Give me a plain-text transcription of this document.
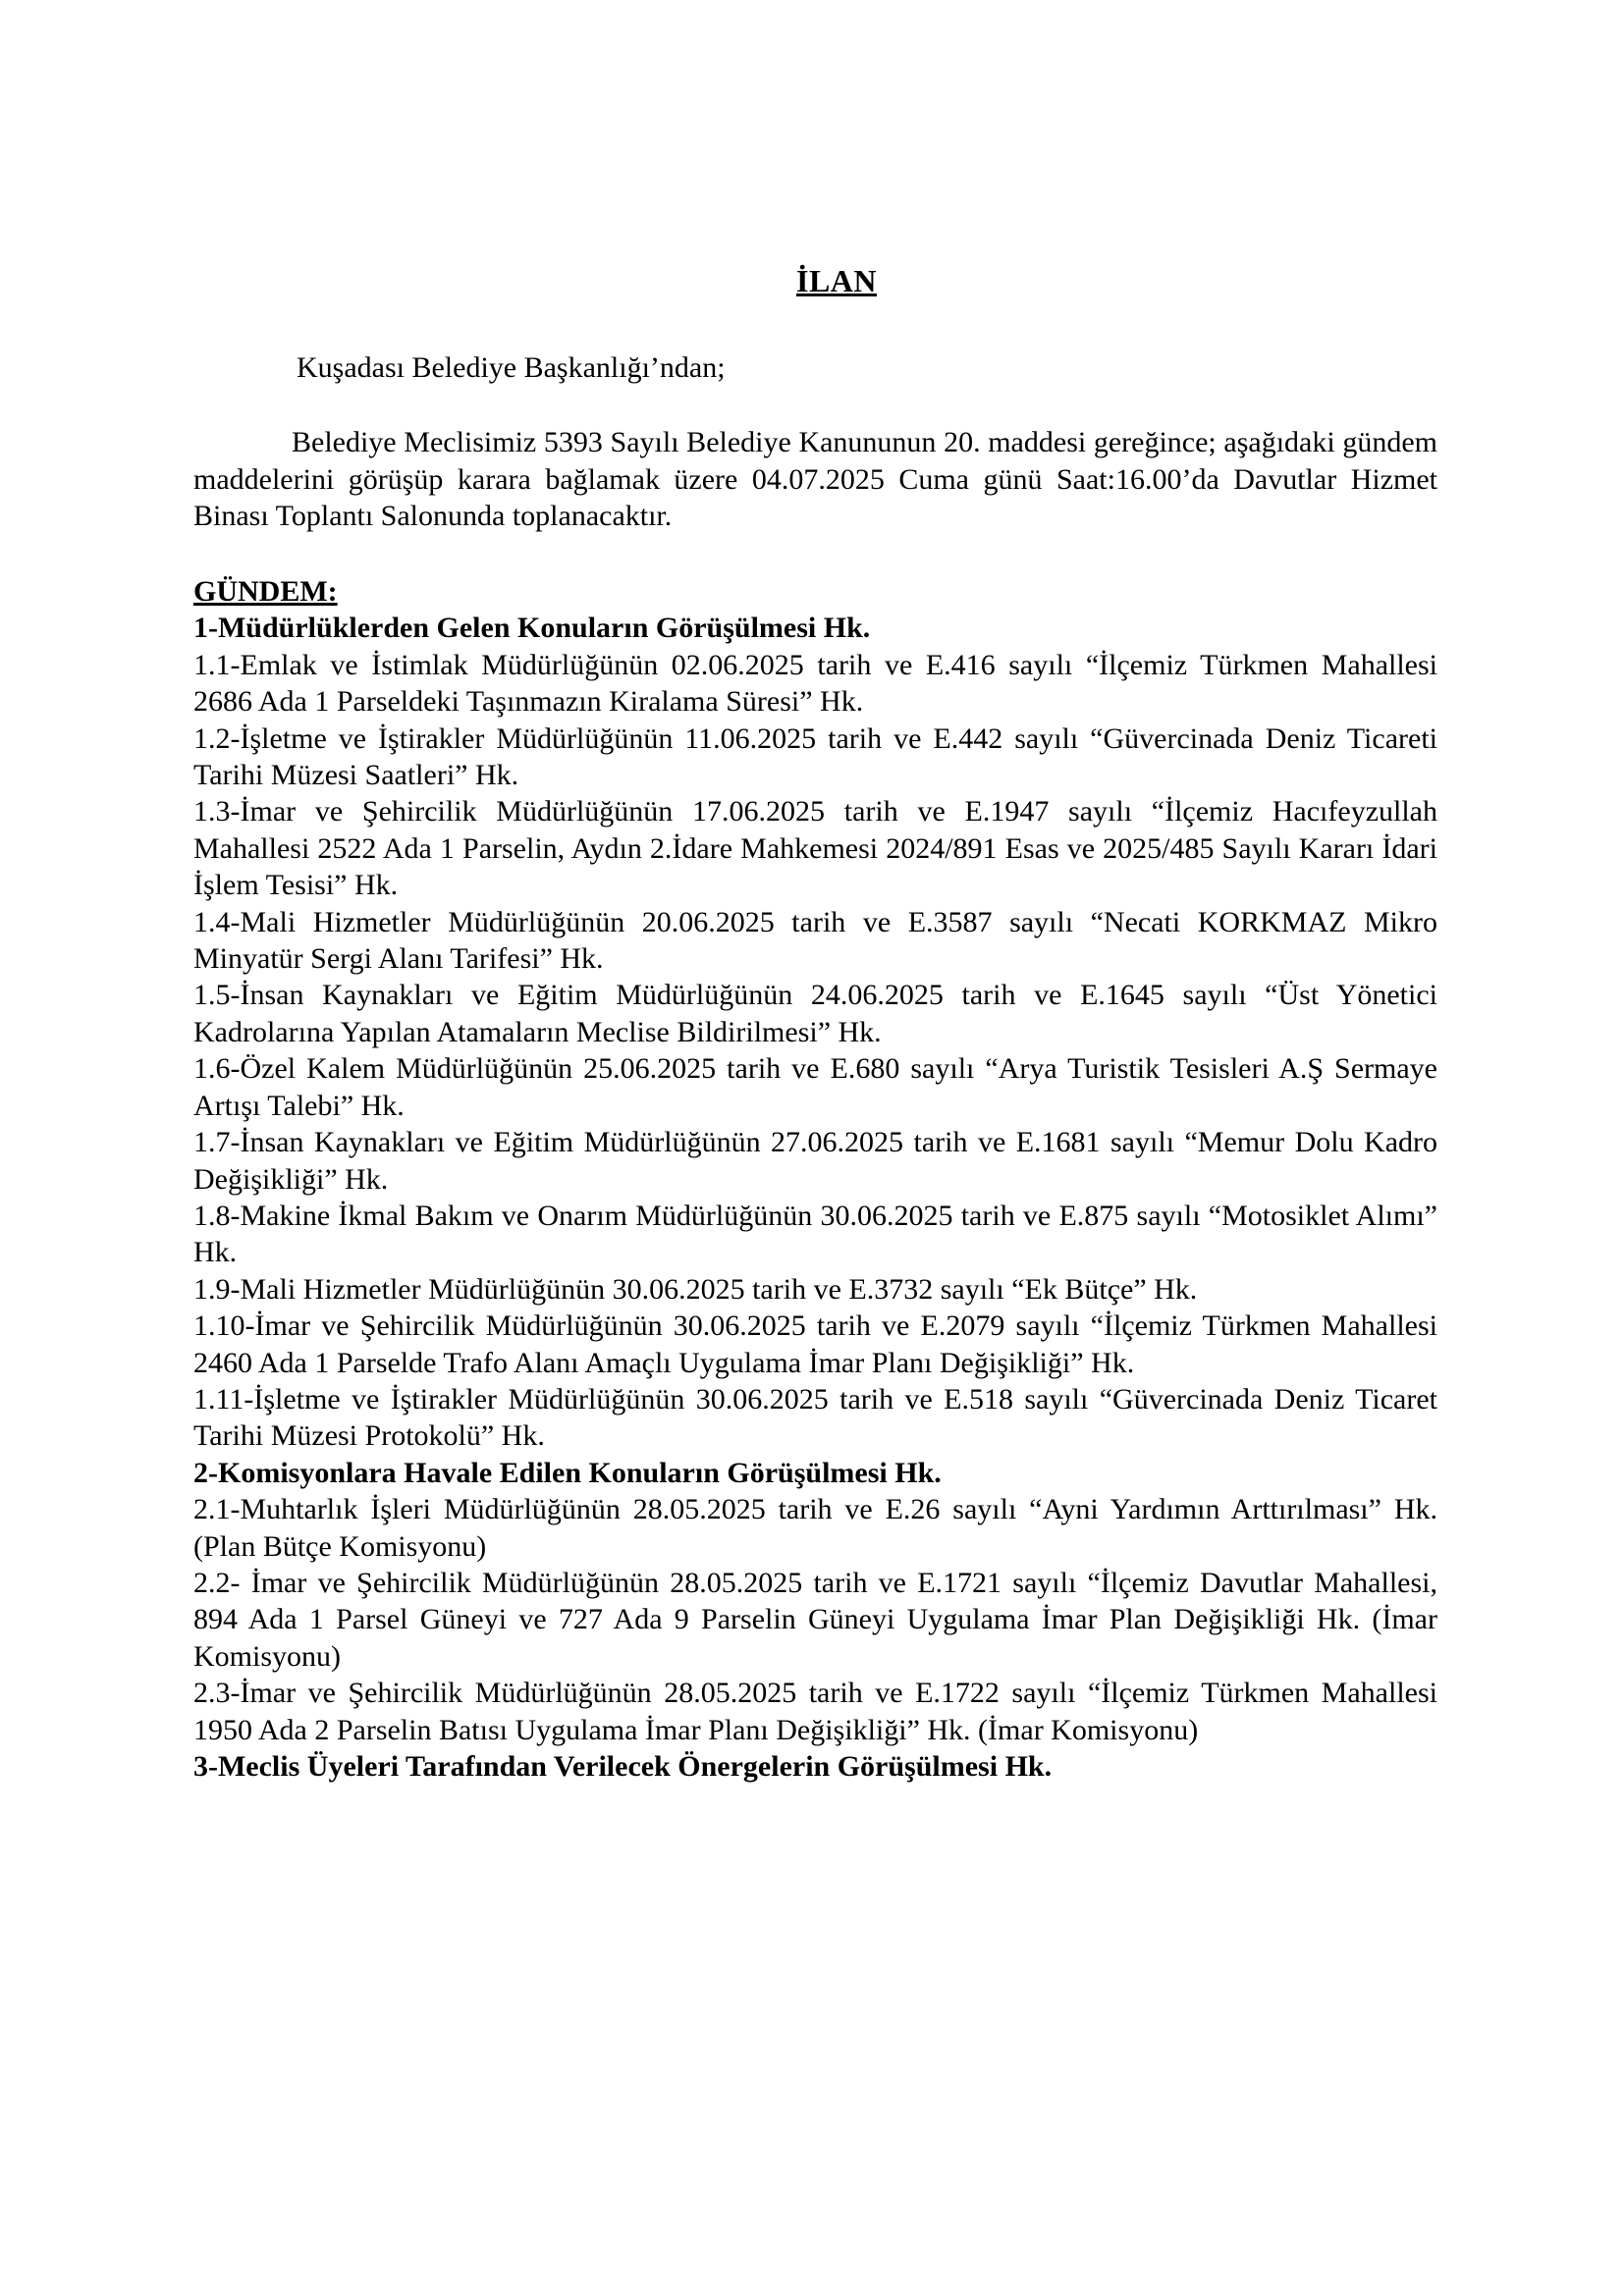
İLAN
Kuşadası Belediye Başkanlığı’ndan;
Belediye Meclisimiz 5393 Sayılı Belediye Kanununun 20. maddesi gereğince; aşağıdaki gündem maddelerini görüşüp karara bağlamak üzere 04.07.2025 Cuma günü Saat:16.00’da Davutlar Hizmet Binası Toplantı Salonunda toplanacaktır.
GÜNDEM:
1-Müdürlüklerden Gelen Konuların Görüşülmesi Hk.
1.1-Emlak ve İstimlak Müdürlüğünün 02.06.2025 tarih ve E.416 sayılı “İlçemiz Türkmen Mahallesi 2686 Ada 1 Parseldeki Taşınmazın Kiralama Süresi” Hk.
1.2-İşletme ve İştirakler Müdürlüğünün 11.06.2025 tarih ve E.442 sayılı “Güvercinada Deniz Ticareti Tarihi Müzesi Saatleri” Hk.
1.3-İmar ve Şehircilik Müdürlüğünün 17.06.2025 tarih ve E.1947 sayılı “İlçemiz Hacıfeyzullah Mahallesi 2522 Ada 1 Parselin, Aydın 2.İdare Mahkemesi 2024/891 Esas ve 2025/485 Sayılı Kararı İdari İşlem Tesisi” Hk.
1.4-Mali Hizmetler Müdürlüğünün 20.06.2025 tarih ve E.3587 sayılı “Necati KORKMAZ Mikro Minyatür Sergi Alanı Tarifesi” Hk.
1.5-İnsan Kaynakları ve Eğitim Müdürlüğünün 24.06.2025 tarih ve E.1645 sayılı “Üst Yönetici Kadrolarına Yapılan Atamaların Meclise Bildirilmesi” Hk.
1.6-Özel Kalem Müdürlüğünün 25.06.2025 tarih ve E.680 sayılı “Arya Turistik Tesisleri A.Ş Sermaye Artışı Talebi” Hk.
1.7-İnsan Kaynakları ve Eğitim Müdürlüğünün 27.06.2025 tarih ve E.1681 sayılı “Memur Dolu Kadro Değişikliği” Hk.
1.8-Makine İkmal Bakım ve Onarım Müdürlüğünün 30.06.2025 tarih ve E.875 sayılı “Motosiklet Alımı” Hk.
1.9-Mali Hizmetler Müdürlüğünün 30.06.2025 tarih ve E.3732 sayılı “Ek Bütçe” Hk.
1.10-İmar ve Şehircilik Müdürlüğünün 30.06.2025 tarih ve E.2079 sayılı “İlçemiz Türkmen Mahallesi 2460 Ada 1 Parselde Trafo Alanı Amaçlı Uygulama İmar Planı Değişikliği” Hk.
1.11-İşletme ve İştirakler Müdürlüğünün 30.06.2025 tarih ve E.518 sayılı “Güvercinada Deniz Ticaret Tarihi Müzesi Protokolü” Hk.
2-Komisyonlara Havale Edilen Konuların Görüşülmesi Hk.
2.1-Muhtarlık İşleri Müdürlüğünün 28.05.2025 tarih ve E.26 sayılı “Ayni Yardımın Arttırılması” Hk. (Plan Bütçe Komisyonu)
2.2- İmar ve Şehircilik Müdürlüğünün 28.05.2025 tarih ve E.1721 sayılı “İlçemiz Davutlar Mahallesi, 894 Ada 1 Parsel Güneyi ve 727 Ada 9 Parselin Güneyi Uygulama İmar Plan Değişikliği Hk. (İmar Komisyonu)
2.3-İmar ve Şehircilik Müdürlüğünün 28.05.2025 tarih ve E.1722 sayılı “İlçemiz Türkmen Mahallesi 1950 Ada 2 Parselin Batısı Uygulama İmar Planı Değişikliği” Hk. (İmar Komisyonu)
3-Meclis Üyeleri Tarafından Verilecek Önergelerin Görüşülmesi Hk.
